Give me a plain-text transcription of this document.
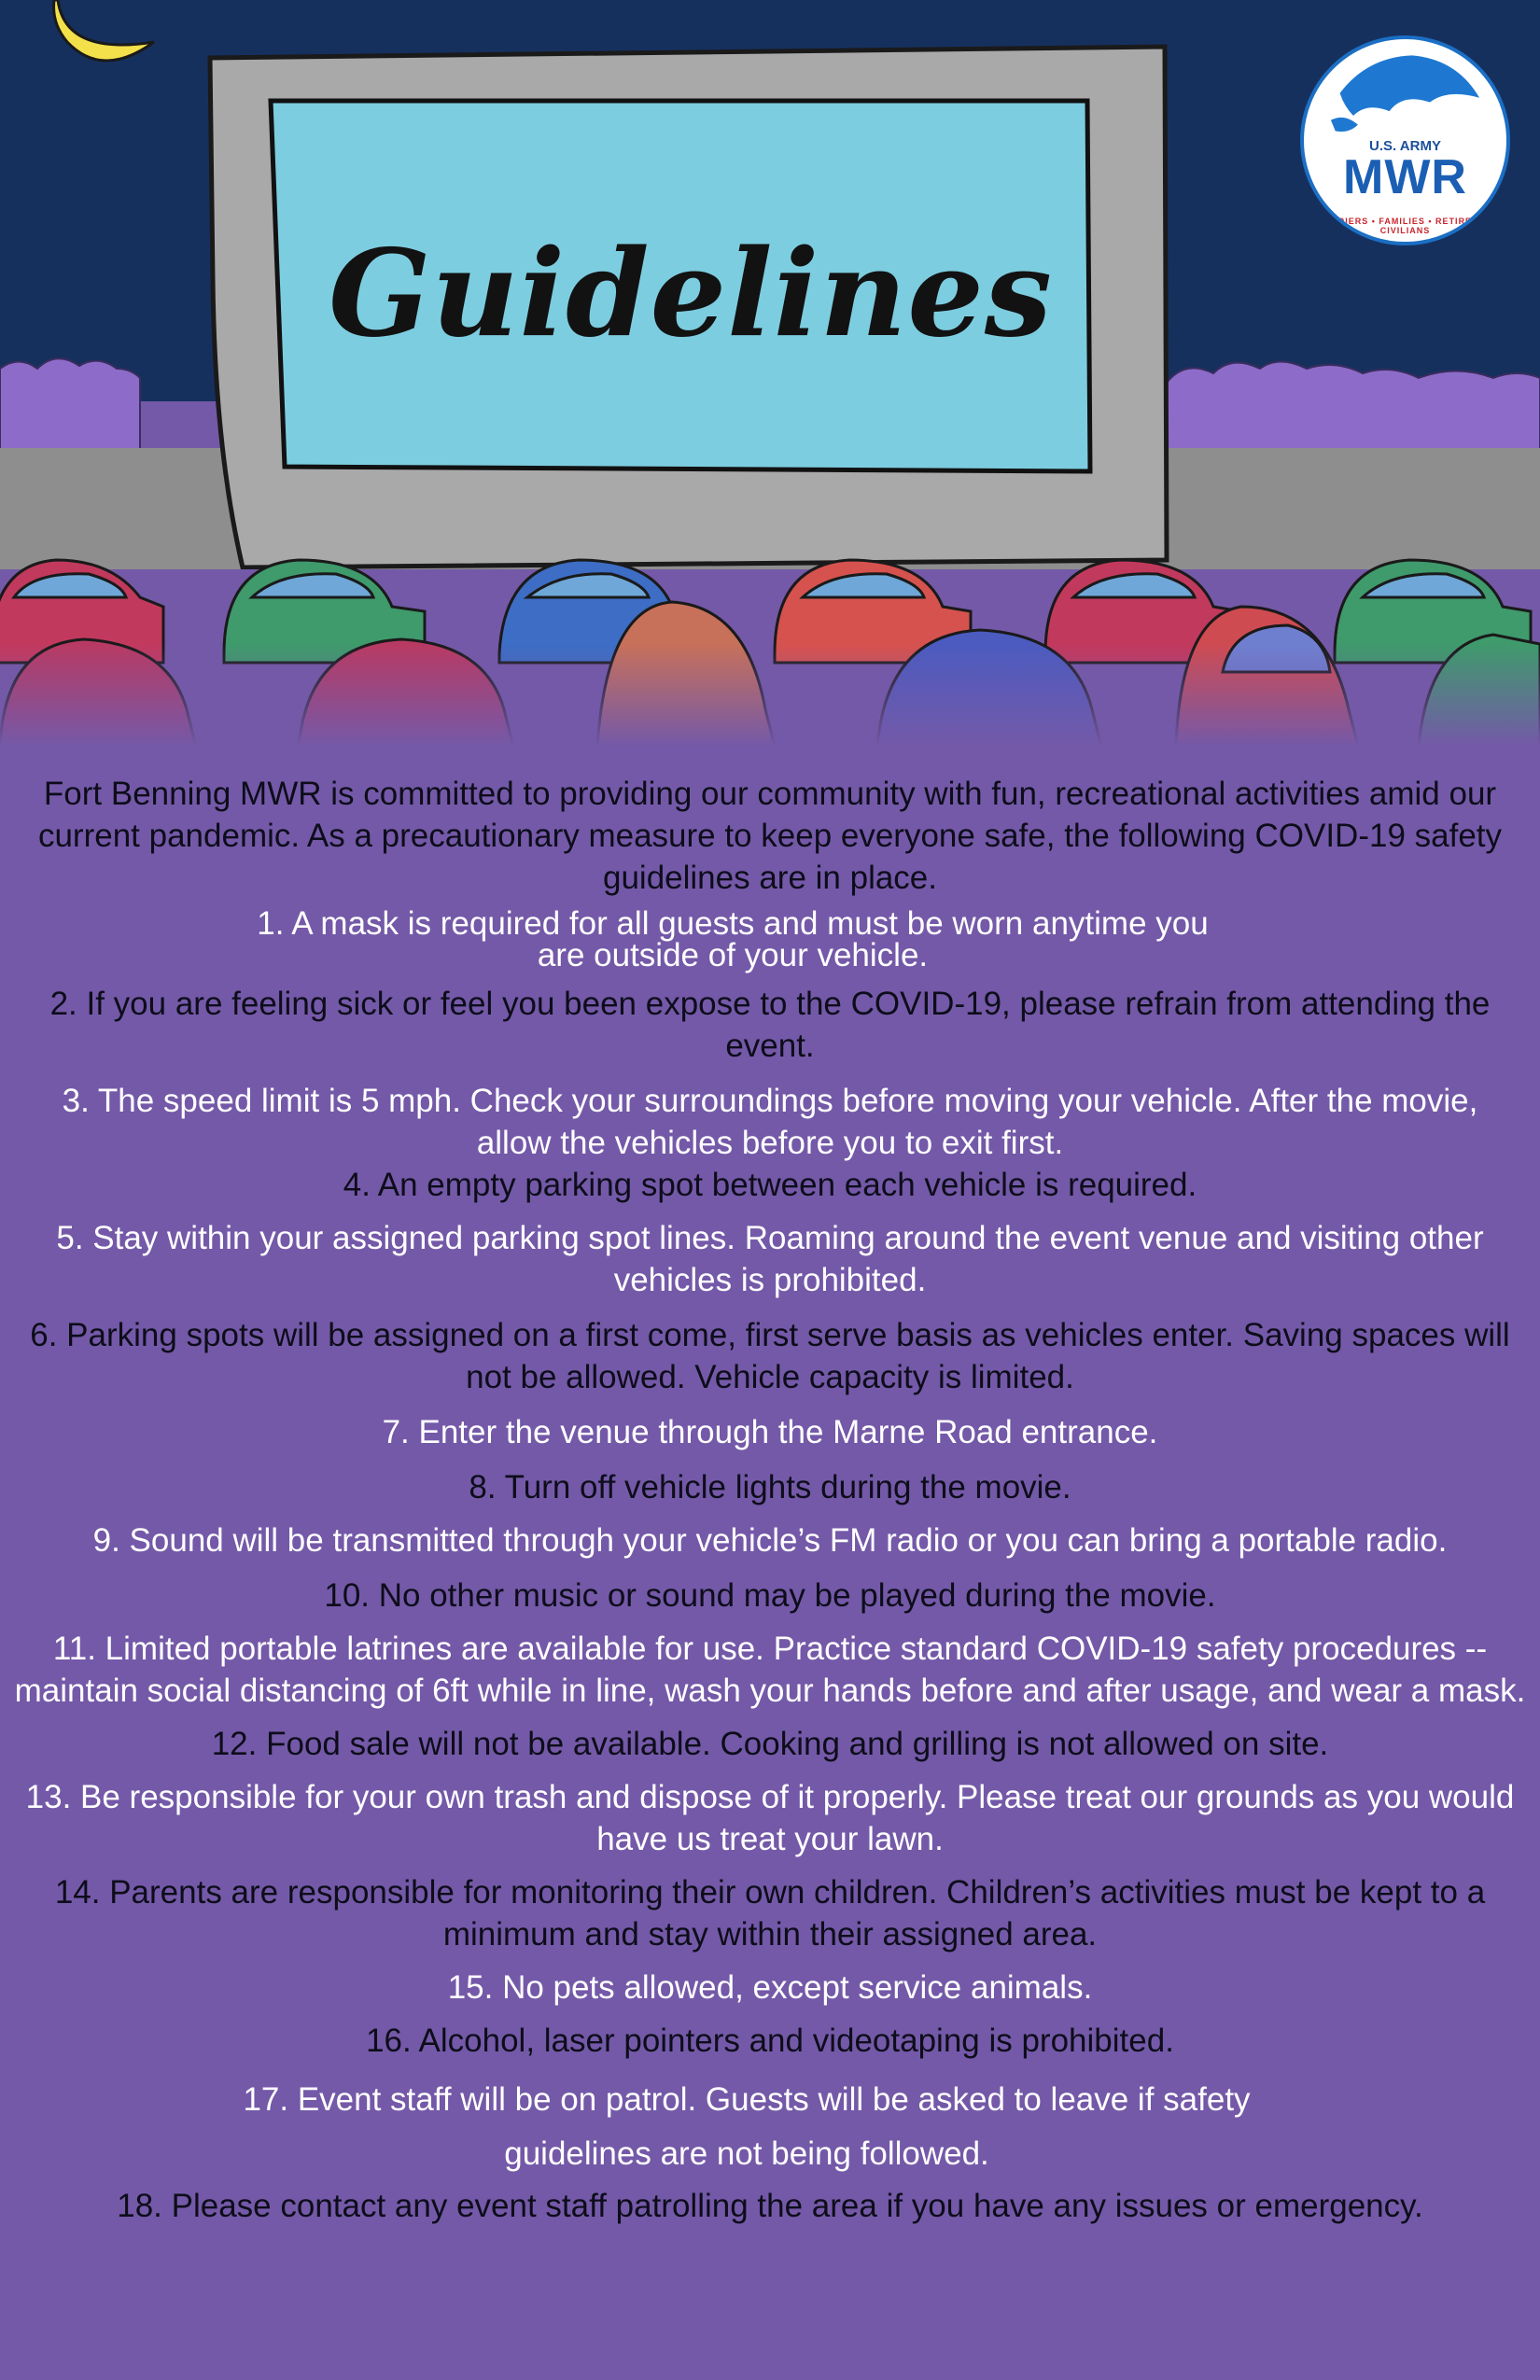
Guidelines
U.S. ARMY
MWR
SOLDIERS • FAMILIES • RETIREES • CIVILIANS

Fort Benning MWR is committed to providing our community with fun, recreational activities amid our current pandemic. As a precautionary measure to keep everyone safe, the following COVID-19 safety guidelines are in place.

1. A mask is required for all guests and must be worn anytime you are outside of your vehicle.

2. If you are feeling sick or feel you been expose to the COVID-19, please refrain from attending the event.

3. The speed limit is 5 mph. Check your surroundings before moving your vehicle. After the movie, allow the vehicles before you to exit first.

4. An empty parking spot between each vehicle is required.

5. Stay within your assigned parking spot lines. Roaming around the event venue and visiting other vehicles is prohibited.

6. Parking spots will be assigned on a first come, first serve basis as vehicles enter. Saving spaces will not be allowed. Vehicle capacity is limited.

7. Enter the venue through the Marne Road entrance.

8. Turn off vehicle lights during the movie.

9. Sound will be transmitted through your vehicle’s FM radio or you can bring a portable radio.

10. No other music or sound may be played during the movie.

11. Limited portable latrines are available for use. Practice standard COVID-19 safety procedures -- maintain social distancing of 6ft while in line, wash your hands before and after usage, and wear a mask.

12. Food sale will not be available. Cooking and grilling is not allowed on site.

13. Be responsible for your own trash and dispose of it properly. Please treat our grounds as you would have us treat your lawn.

14. Parents are responsible for monitoring their own children. Children’s activities must be kept to a minimum and stay within their assigned area.

15. No pets allowed, except service animals.

16. Alcohol, laser pointers and videotaping is prohibited.

17. Event staff will be on patrol. Guests will be asked to leave if safety guidelines are not being followed.

18. Please contact any event staff patrolling the area if you have any issues or emergency.
